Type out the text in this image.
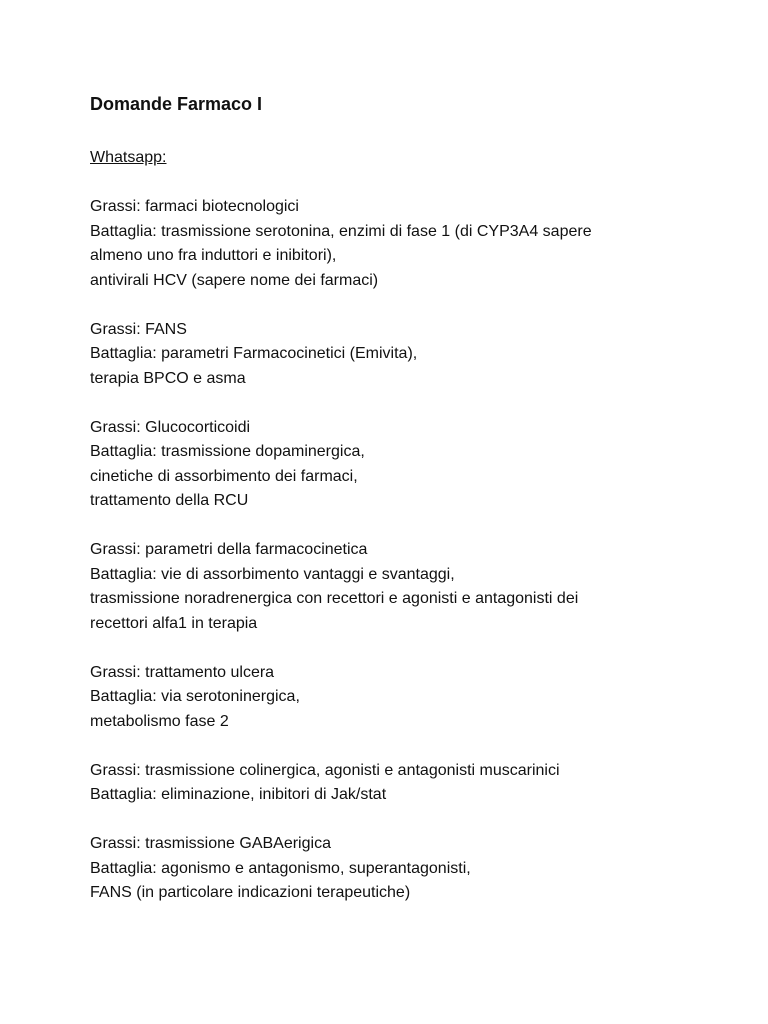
Domande Farmaco I
Whatsapp:
Grassi: farmaci biotecnologici
Battaglia: trasmissione serotonina, enzimi di fase 1 (di CYP3A4 sapere
almeno uno fra induttori e inibitori),
antivirali HCV (sapere nome dei farmaci)
Grassi: FANS
Battaglia: parametri Farmacocinetici (Emivita),
terapia BPCO e asma
Grassi: Glucocorticoidi
Battaglia: trasmissione dopaminergica,
cinetiche di assorbimento dei farmaci,
trattamento della RCU
Grassi: parametri della farmacocinetica
Battaglia: vie di assorbimento vantaggi e svantaggi,
trasmissione noradrenergica con recettori e agonisti e antagonisti dei
recettori alfa1 in terapia
Grassi: trattamento ulcera
Battaglia: via serotoninergica,
metabolismo fase 2
Grassi: trasmissione colinergica, agonisti e antagonisti muscarinici
Battaglia: eliminazione, inibitori di Jak/stat
Grassi: trasmissione GABAerigica
Battaglia: agonismo e antagonismo, superantagonisti,
FANS (in particolare indicazioni terapeutiche)
